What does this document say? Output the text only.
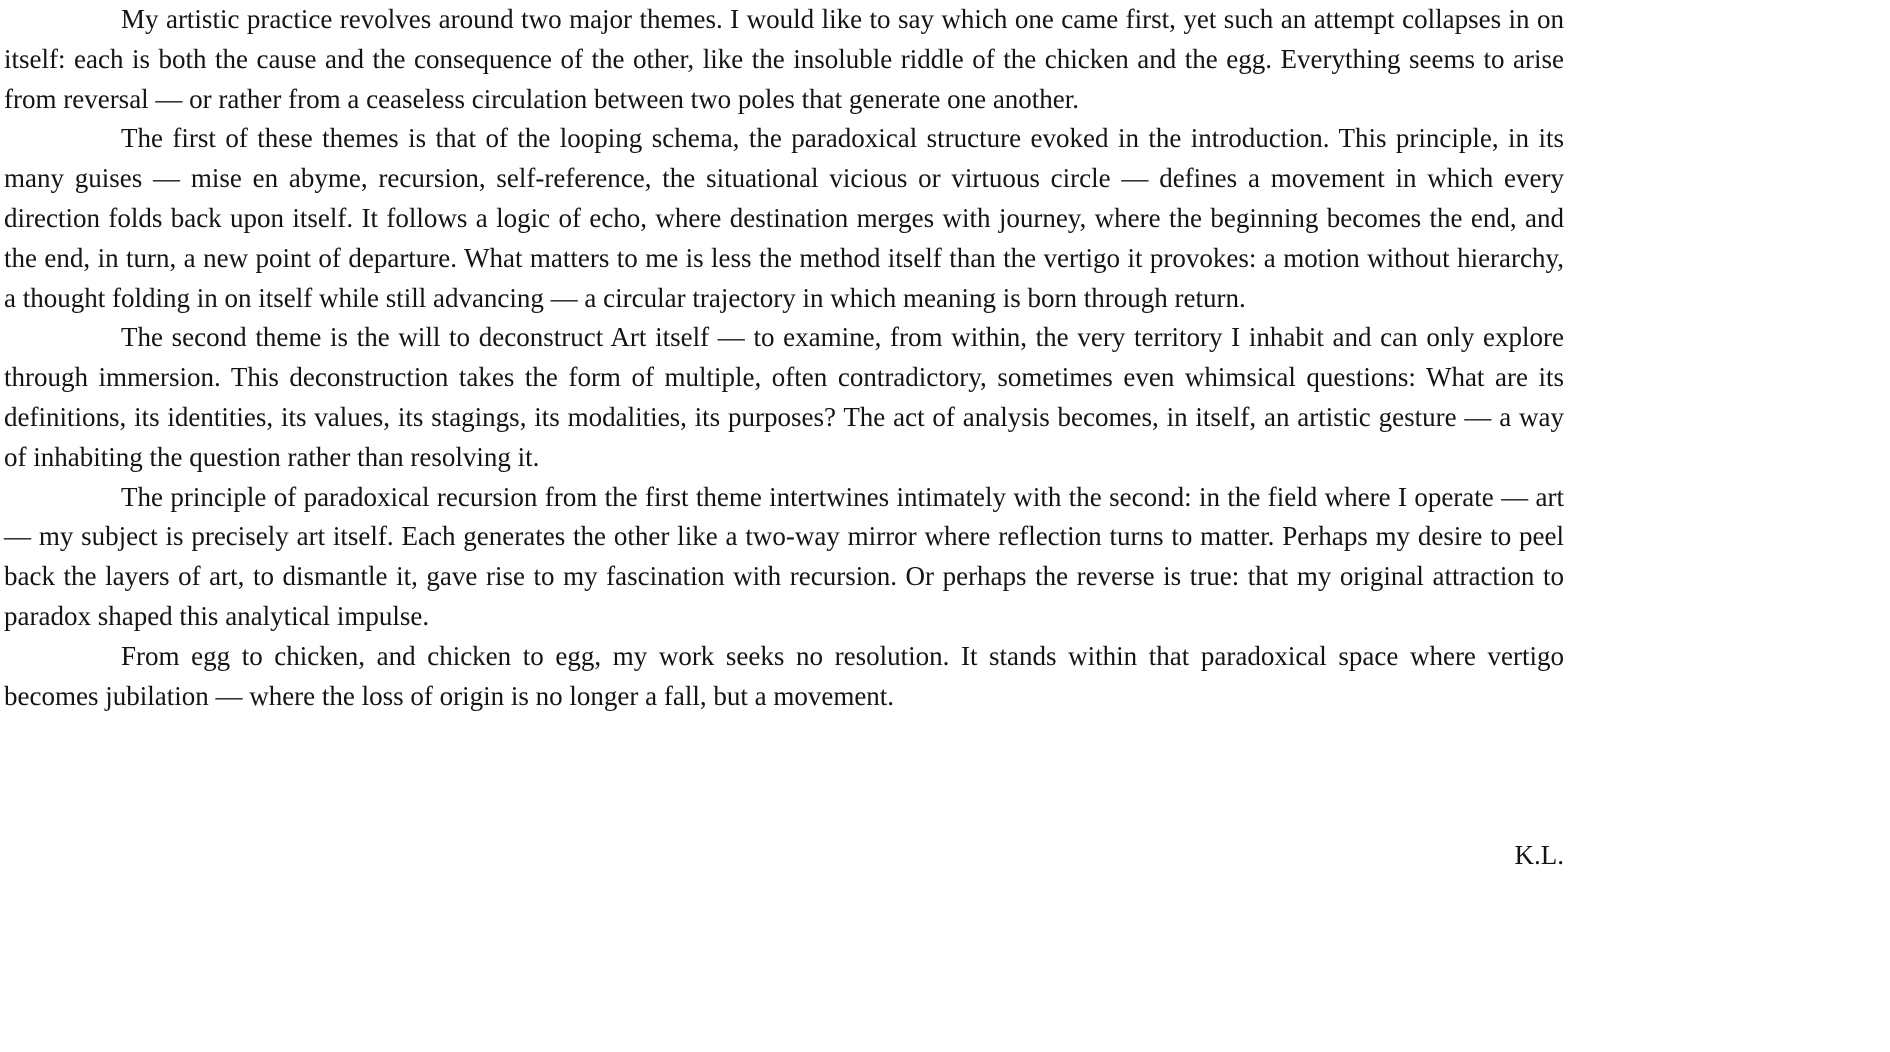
My artistic practice revolves around two major themes. I would like to say which one came first, yet such an attempt collapses in on itself: each is both the cause and the consequence of the other, like the insoluble riddle of the chicken and the egg. Everything seems to arise from reversal — or rather from a ceaseless circulation between two poles that generate one another.

The first of these themes is that of the looping schema, the paradoxical structure evoked in the introduction. This principle, in its many guises — mise en abyme, recursion, self-reference, the situational vicious or virtuous circle — defines a movement in which every direction folds back upon itself. It follows a logic of echo, where destination merges with journey, where the beginning becomes the end, and the end, in turn, a new point of departure. What matters to me is less the method itself than the vertigo it provokes: a motion without hierarchy, a thought folding in on itself while still advancing — a circular trajectory in which meaning is born through return.

The second theme is the will to deconstruct Art itself — to examine, from within, the very territory I inhabit and can only explore through immersion. This deconstruction takes the form of multiple, often contradictory, sometimes even whimsical questions: What are its definitions, its identities, its values, its stagings, its modalities, its purposes? The act of analysis becomes, in itself, an artistic gesture — a way of inhabiting the question rather than resolving it.

The principle of paradoxical recursion from the first theme intertwines intimately with the second: in the field where I operate — art — my subject is precisely art itself. Each generates the other like a two-way mirror where reflection turns to matter. Perhaps my desire to peel back the layers of art, to dismantle it, gave rise to my fascination with recursion. Or perhaps the reverse is true: that my original attraction to paradox shaped this analytical impulse.

From egg to chicken, and chicken to egg, my work seeks no resolution. It stands within that paradoxical space where vertigo becomes jubilation — where the loss of origin is no longer a fall, but a movement.

K.L.
